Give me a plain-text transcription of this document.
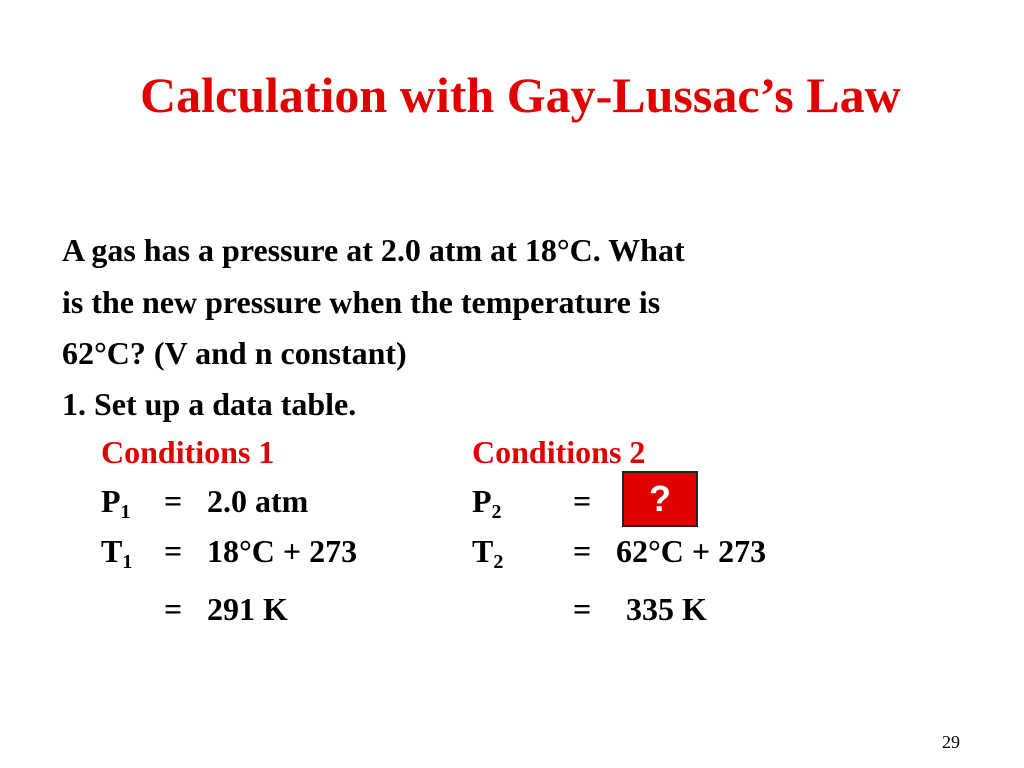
Calculation with Gay-Lussac’s Law
A gas has a pressure at 2.0 atm at 18°C. What
is the new pressure when the temperature is
62°C? (V and n constant)
1. Set up a data table.
Conditions 1	Conditions 2
$P_1 = 2.0$ atm	$P_2$ =	?
$T_1 = 18^\circ C + 273$	$T_2 = 62^\circ C + 273$
= 291 K	= 335 K
29
